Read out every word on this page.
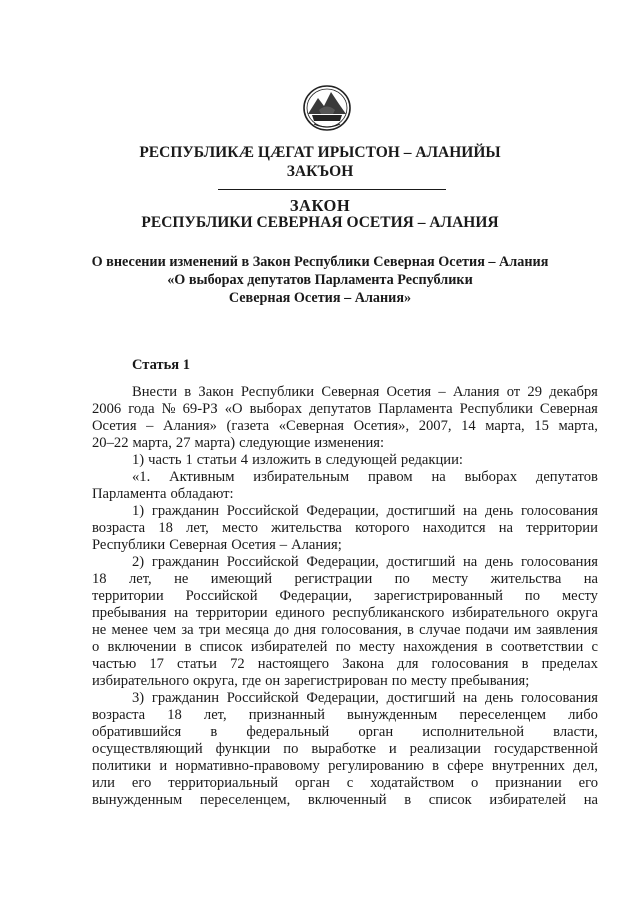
РЕСПУБЛИКӔ ЦӔГАТ ИРЫСТОН – АЛАНИЙЫ
ЗАКЪОН
ЗАКОН
РЕСПУБЛИКИ СЕВЕРНАЯ ОСЕТИЯ – АЛАНИЯ
О внесении изменений в Закон Республики Северная Осетия – Алания
«О выборах депутатов Парламента Республики
Северная Осетия – Алания»
Статья 1
Внести в Закон Республики Северная Осетия – Алания от 29 декабря
2006 года № 69-РЗ «О выборах депутатов Парламента Республики Северная
Осетия – Алания» (газета «Северная Осетия», 2007, 14 марта, 15 марта,
20–22 марта, 27 марта) следующие изменения:
1) часть 1 статьи 4 изложить в следующей редакции:
«1. Активным избирательным правом на выборах депутатов
Парламента обладают:
1) гражданин Российской Федерации, достигший на день голосования
возраста 18 лет, место жительства которого находится на территории
Республики Северная Осетия – Алания;
2) гражданин Российской Федерации, достигший на день голосования
18 лет, не имеющий регистрации по месту жительства на
территории Российской Федерации, зарегистрированный по месту
пребывания на территории единого республиканского избирательного округа
не менее чем за три месяца до дня голосования, в случае подачи им заявления
о включении в список избирателей по месту нахождения в соответствии с
частью 17 статьи 72 настоящего Закона для голосования в пределах
избирательного округа, где он зарегистрирован по месту пребывания;
3) гражданин Российской Федерации, достигший на день голосования
возраста 18 лет, признанный вынужденным переселенцем либо
обратившийся в федеральный орган исполнительной власти,
осуществляющий функции по выработке и реализации государственной
политики и нормативно-правовому регулированию в сфере внутренних дел,
или его территориальный орган с ходатайством о признании его
вынужденным переселенцем, включенный в список избирателей на
